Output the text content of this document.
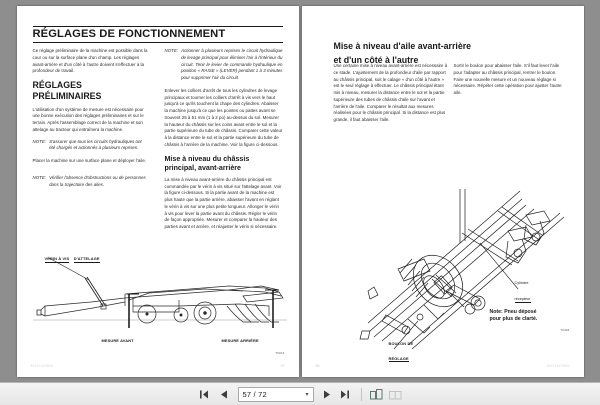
RÉGLAGES DE FONCTIONNEMENT

Ce réglage préliminaire de la machine est possible dans la cour ou sur la surface plane d'un champ. Les réglages avant-arrière et d'un côté à l'autre doivent s'effectuer à la profondeur de travail.

RÉGLAGES PRÉLIMINAIRES

L'utilisation d'un système de mesure est nécessaire pour une bonne exécution des réglages préliminaires et sur le terrain. Après l'assemblage correct de la machine et son attelage au tracteur qui entraînera la machine.

NOTE: S'assurer que tous les circuits hydrauliques ont été chargés et actionnés à plusieurs reprises.

Placer la machine sur une surface plane et déployer l'aile.

NOTE: Vérifier l'absence d'obstructions ou de personnes dans la trajectoire des ailes.
NOTE: Actionner à plusieurs reprises le circuit hydraulique de levage principal pour éliminer l'air à l'intérieur du circuit. Tenir le levier de commande hydraulique en position « RAISE » (LEVER) pendant 1 à 3 minutes pour supprimer l'air du circuit.

Enlever les colliers d'arrêt de tous les cylindres de levage principaux et tourner les colliers d'arrêt à vis vers le haut jusqu'à ce qu'ils touchent la chape des cylindres. Abaisser la machine jusqu'à ce que les pointes ou pattes avant se trouvent 25 à 51 mm (1 à 2 po) au-dessus du sol. Mesurer la hauteur du châssis sur les coins avant entre le sol et la partie supérieure du tube de châssis. Comparer cette valeur à la distance entre le sol et la partie supérieure du tube de châssis à l'arrière de la machine. Voir la figure ci-dessous.

Mise à niveau du châssis principal, avant-arrière

La mise à niveau avant-arrière du châssis principal est commandée par le vérin à vis situé sur l'attelage avant. Voir la figure ci-dessous. Si la partie avant de la machine est plus haute que la partie arrière, abaisser l'avant en réglant le vérin à vis sur une plus petite longueur. Allonger le vérin à vis pour lever la partie avant du châssis. Régler le vérin de façon appropriée. Mesurer et comparer la hauteur des parties avant et arrière, et réajuster le vérin si nécessaire.

VÉRIN À VIS D'ATTELAGE
MESURE AVANT	MESURE ARRIÈRE
T6013
8007192056A	57
Mise à niveau d'aile avant-arrière
et d'un côté à l'autre

Une certaine mise à niveau avant-arrière est nécessaire à ce stade. L'ajustement de la profondeur d'aile par rapport au châssis principal, soit le calage « d'un côté à l'autre » est le seul réglage à effectuer. Le châssis principal étant mis à niveau, mesurer la distance entre le sol et la partie supérieure des tubes de châssis d'aile sur l'avant et l'arrière de l'aile. Comparer le résultat aux mesures réalisées pour le châssis principal. Si la distance est plus grande, il faut abaisser l'aile.

Sortir le boulon pour abaisser l'aile. S'il faut lever l'aile pour l'adapter au châssis principal, rentrer le boulon. Faire une nouvelle mesure et un nouveau réglage si nécessaire. Répéter cette opération pour ajuster l'autre aile.

Cylindre
récepteur
BOULON DE
RÉGLAGE
Note: Pneu déposé
pour plus de clarté.
T0403
8007192056A
58
57 / 72	▾
